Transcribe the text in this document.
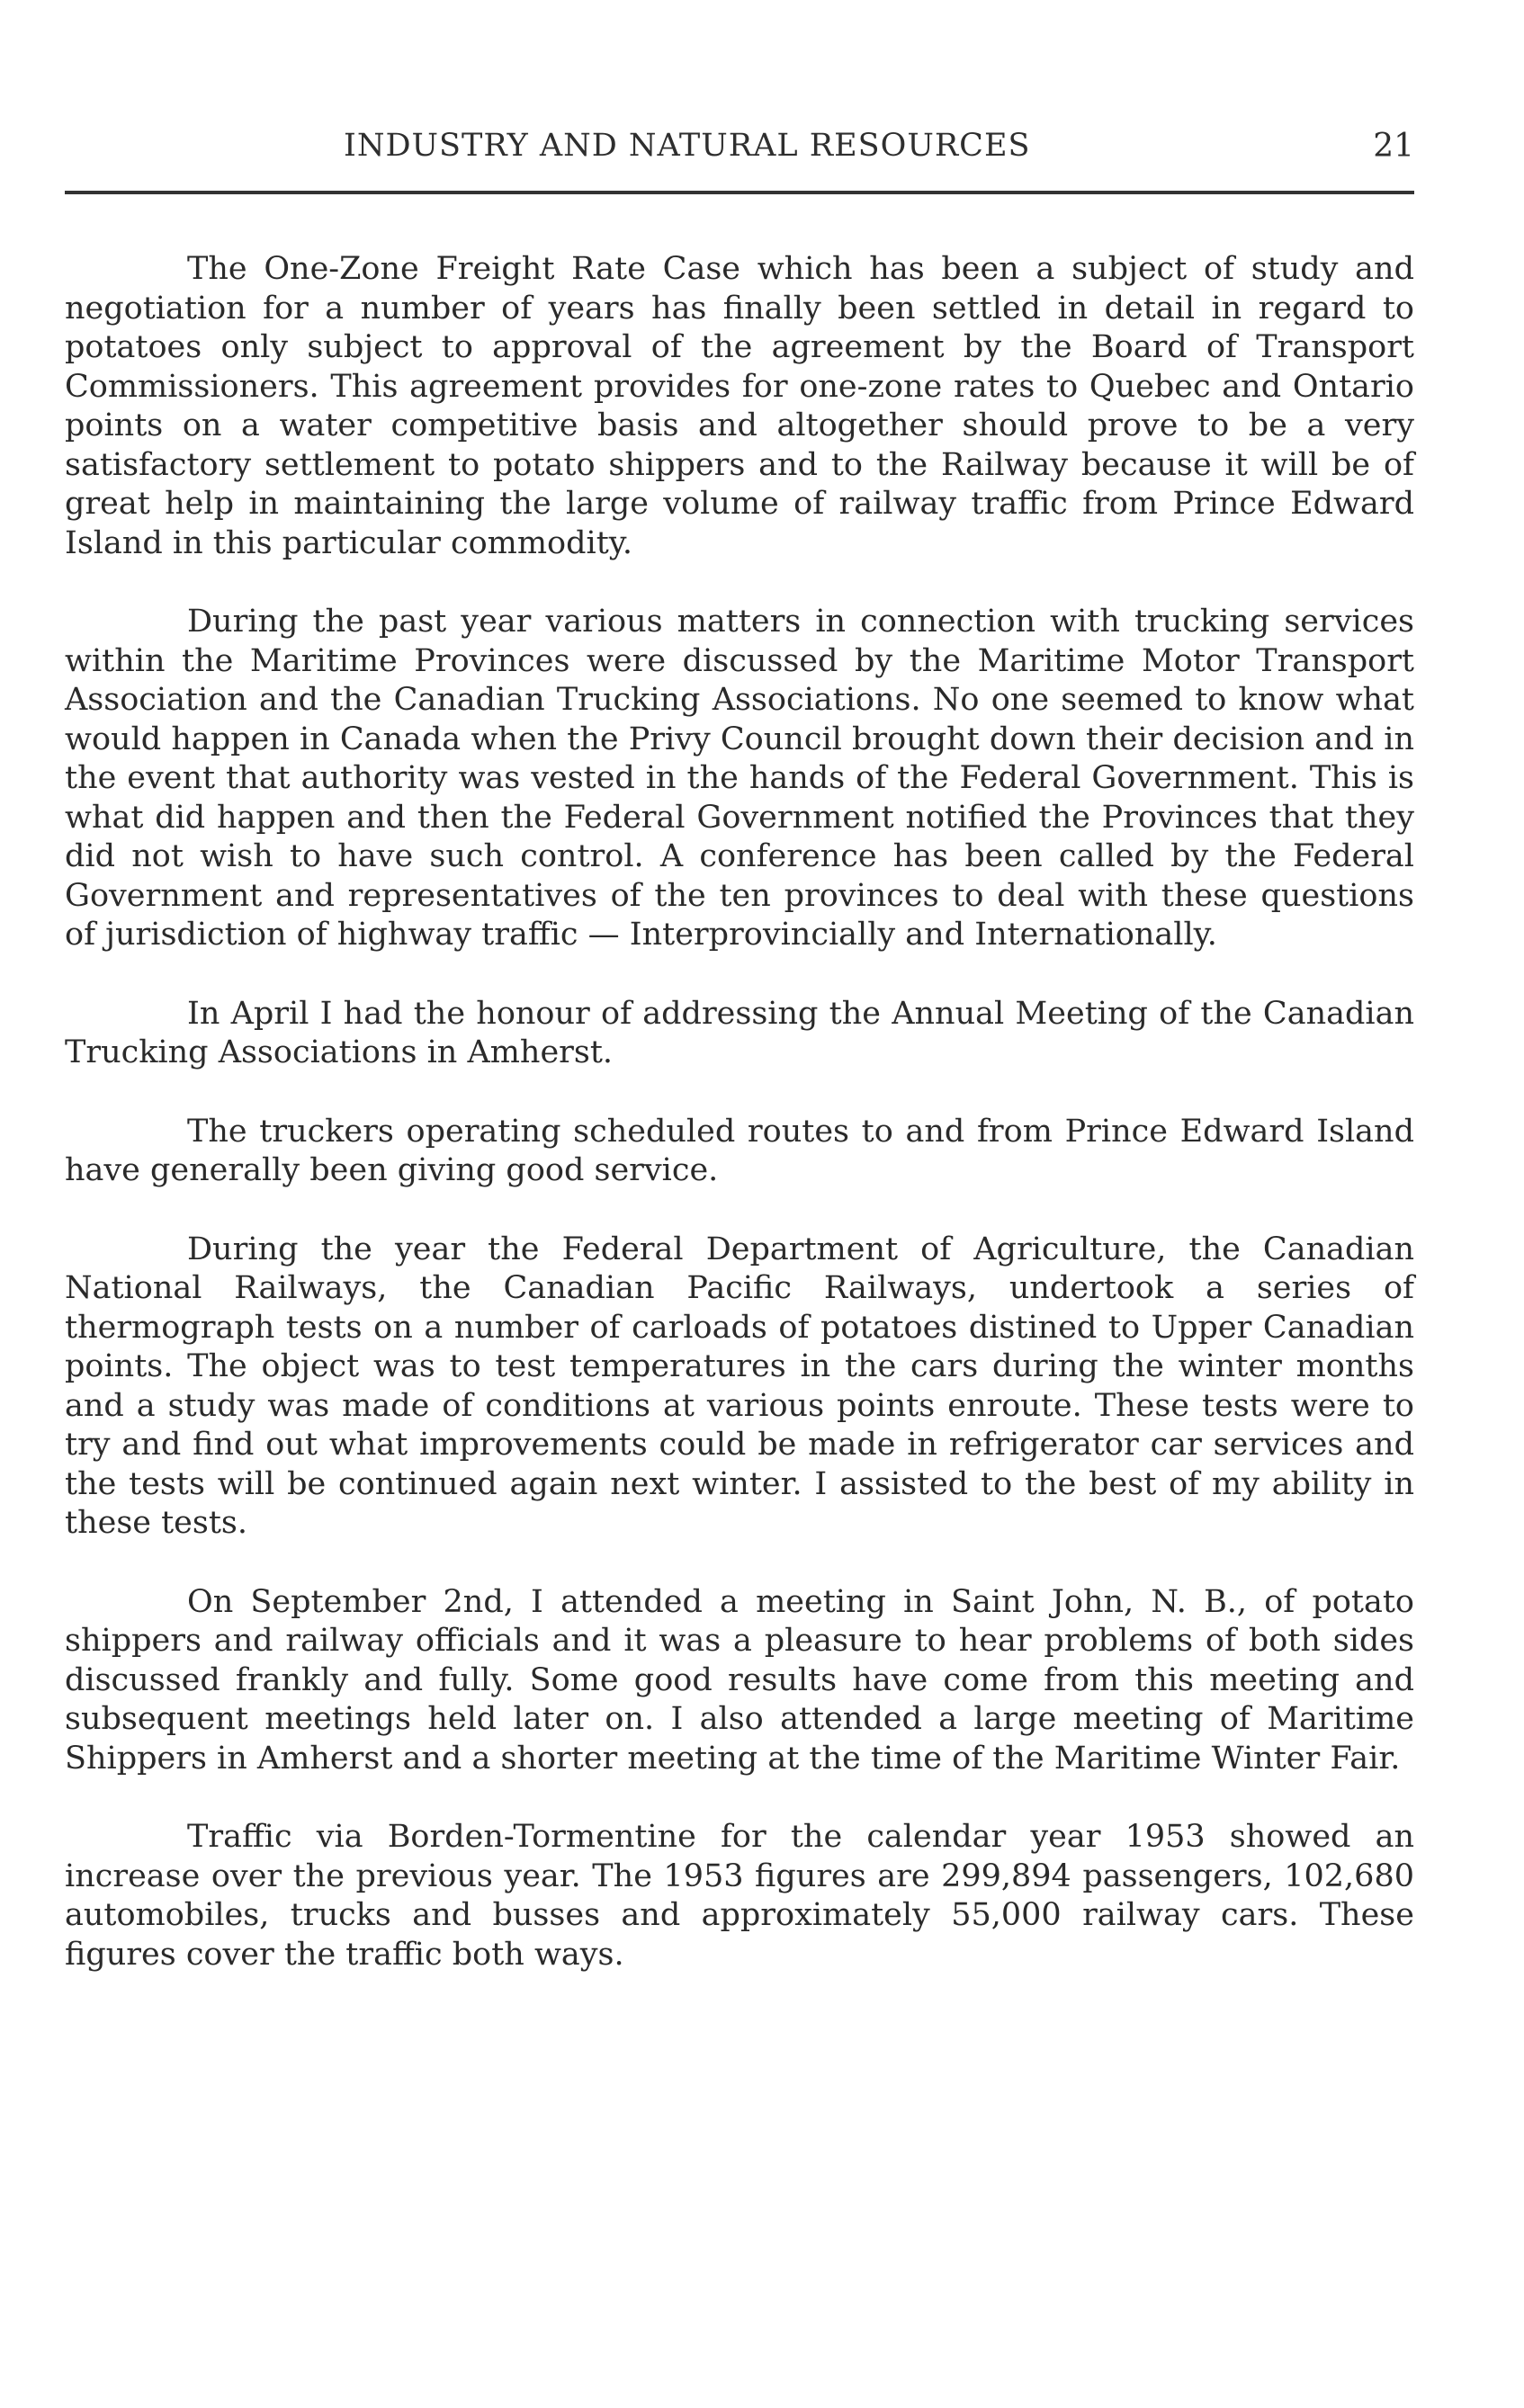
INDUSTRY AND NATURAL RESOURCES	21

The One-Zone Freight Rate Case which has been a subject of study and negotiation for a number of years has finally been settled in detail in regard to potatoes only subject to approval of the agreement by the Board of Transport Commissioners. This agreement provides for one-zone rates to Quebec and Ontario points on a water competitive basis and altogether should prove to be a very satisfactory settlement to potato shippers and to the Railway because it will be of great help in maintaining the large volume of railway traffic from Prince Edward Island in this particular commodity.

During the past year various matters in connection with trucking services within the Maritime Provinces were discussed by the Maritime Motor Transport Association and the Canadian Trucking Associations. No one seemed to know what would happen in Canada when the Privy Council brought down their decision and in the event that authority was vested in the hands of the Federal Government. This is what did happen and then the Federal Government notified the Provinces that they did not wish to have such control. A conference has been called by the Federal Government and representatives of the ten provinces to deal with these questions of jurisdiction of highway traffic — Interprovincially and Internationally.

In April I had the honour of addressing the Annual Meeting of the Canadian Trucking Associations in Amherst.

The truckers operating scheduled routes to and from Prince Edward Island have generally been giving good service.

During the year the Federal Department of Agriculture, the Canadian National Railways, the Canadian Pacific Railways, undertook a series of thermograph tests on a number of carloads of potatoes distined to Upper Canadian points. The object was to test temperatures in the cars during the winter months and a study was made of conditions at various points enroute. These tests were to try and find out what improvements could be made in refrigerator car services and the tests will be continued again next winter. I assisted to the best of my ability in these tests.

On September 2nd, I attended a meeting in Saint John, N. B., of potato shippers and railway officials and it was a pleasure to hear problems of both sides discussed frankly and fully. Some good results have come from this meeting and subsequent meetings held later on. I also attended a large meeting of Maritime Shippers in Amherst and a shorter meeting at the time of the Maritime Winter Fair.

Traffic via Borden-Tormentine for the calendar year 1953 showed an increase over the previous year. The 1953 figures are 299,894 passengers, 102,680 automobiles, trucks and busses and approximately 55,000 railway cars. These figures cover the traffic both ways.
